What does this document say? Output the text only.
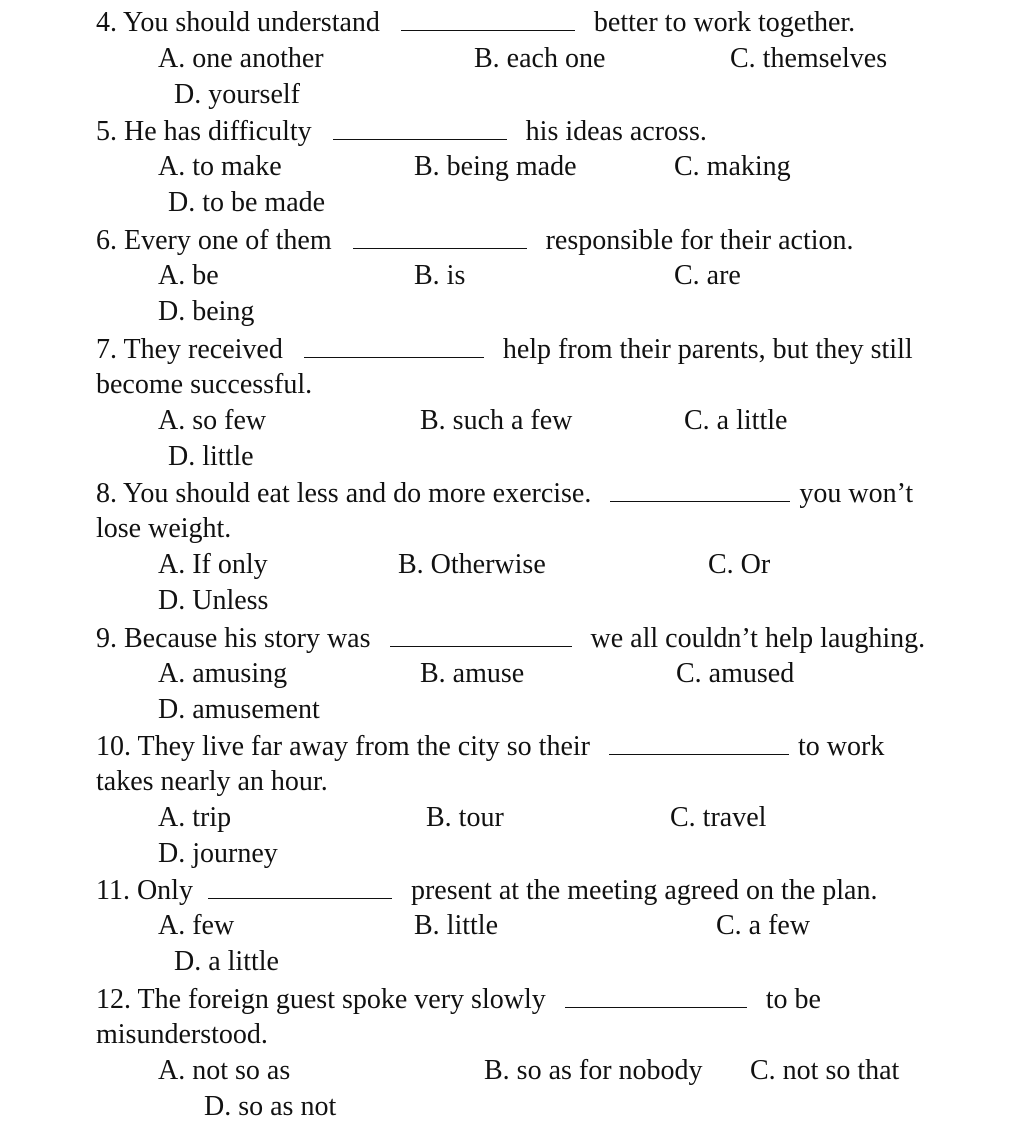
4. You should understand	better to work together.
A. one another	B. each one	C. themselves
D. yourself
5. He has difficulty	his ideas across.
A. to make	B. being made	C. making
D. to be made
6. Every one of them	responsible for their action.
A. be	B. is	C. are
D. being
7. They received	help from their parents, but they still
become successful.
A. so few	B. such a few	C. a little
D. little
8. You should eat less and do more exercise.	you won’t
lose weight.
A. If only	B. Otherwise	C. Or
D. Unless
9. Because his story was	we all couldn’t help laughing.
A. amusing	B. amuse	C. amused
D. amusement
10. They live far away from the city so their	to work
takes nearly an hour.
A. trip	B. tour	C. travel
D. journey
11. Only	present at the meeting agreed on the plan.
A. few	B. little	C. a few
D. a little
12. The foreign guest spoke very slowly	to be
misunderstood.
A. not so as	B. so as for nobody C. not so that
D. so as not
